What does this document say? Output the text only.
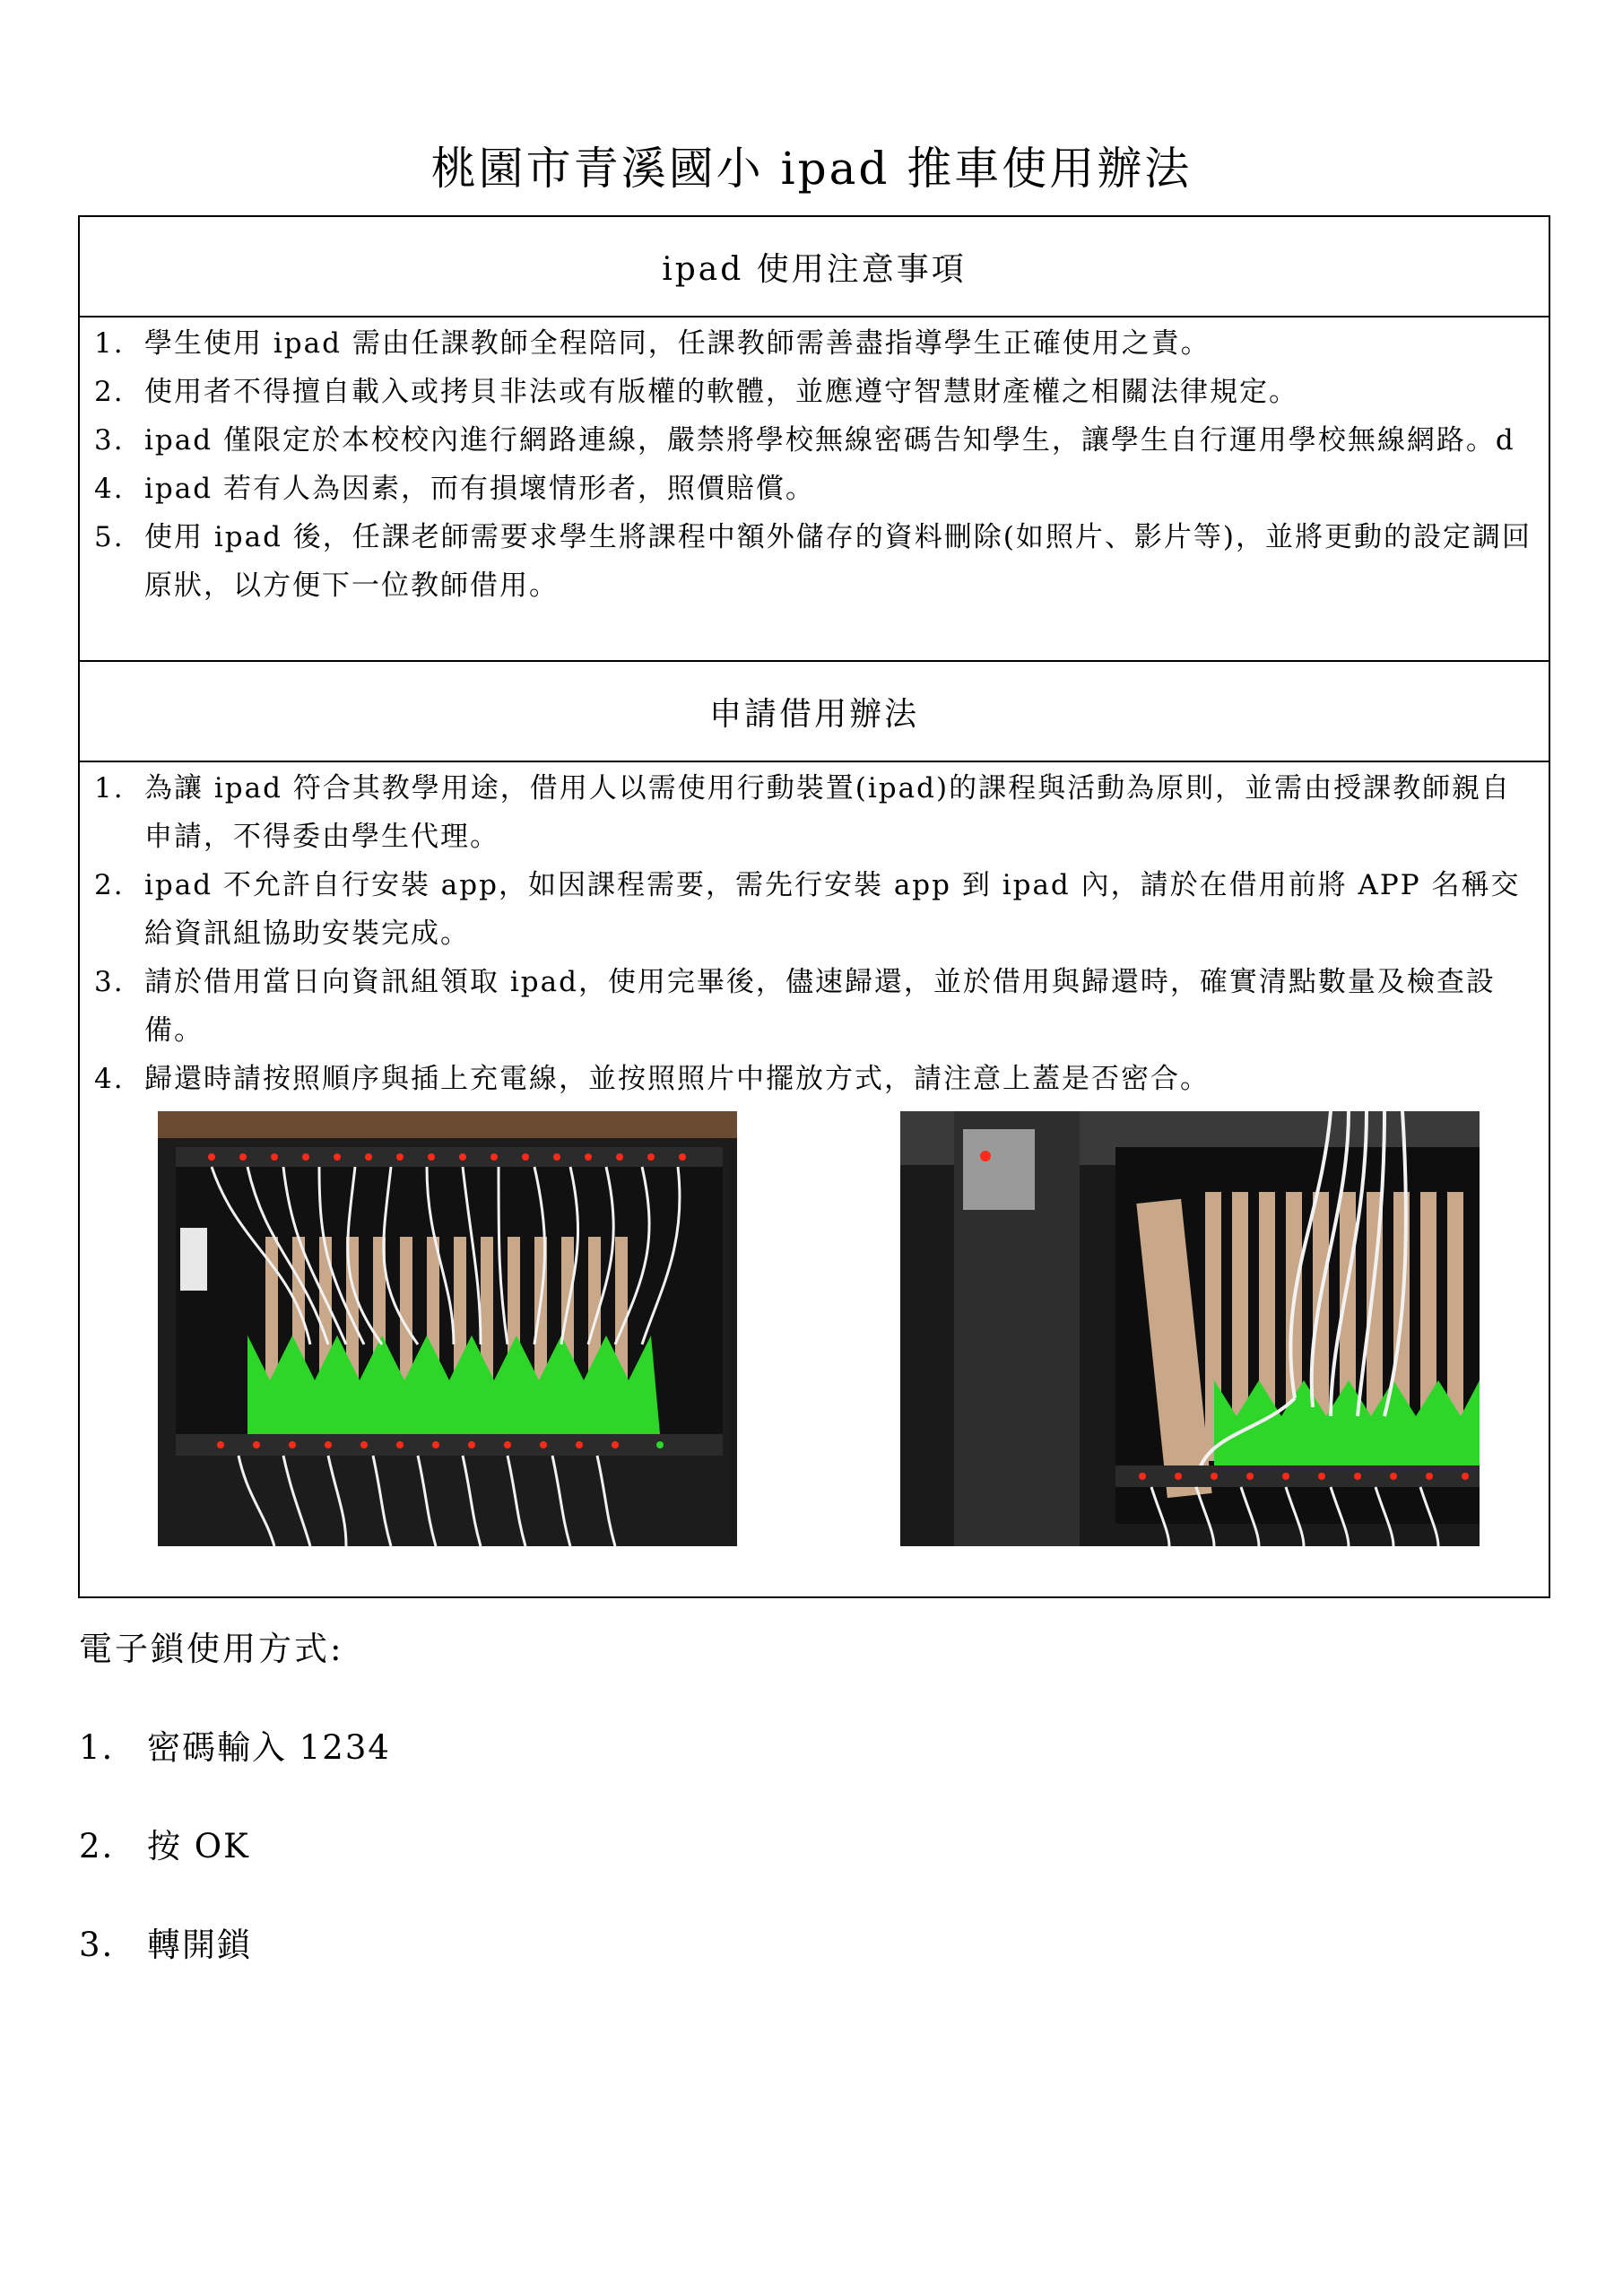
桃園市青溪國小 ipad 推車使用辦法
ipad 使用注意事項
1. 學生使用 ipad 需由任課教師全程陪同，任課教師需善盡指導學生正確使用之責。
2. 使用者不得擅自載入或拷貝非法或有版權的軟體，並應遵守智慧財產權之相關法律規定。
3. ipad 僅限定於本校校內進行網路連線，嚴禁將學校無線密碼告知學生，讓學生自行運用學校無線網路。d
4. ipad 若有人為因素，而有損壞情形者，照價賠償。
5. 使用 ipad 後，任課老師需要求學生將課程中額外儲存的資料刪除(如照片、影片等)，並將更動的設定調回原狀，以方便下一位教師借用。
申請借用辦法
1. 為讓 ipad 符合其教學用途，借用人以需使用行動裝置(ipad)的課程與活動為原則，並需由授課教師親自申請，不得委由學生代理。
2. ipad 不允許自行安裝 app，如因課程需要，需先行安裝 app 到 ipad 內，請於在借用前將 APP 名稱交給資訊組協助安裝完成。
3. 請於借用當日向資訊組領取 ipad，使用完畢後，儘速歸還，並於借用與歸還時，確實清點數量及檢查設備。
4. 歸還時請按照順序與插上充電線，並按照照片中擺放方式，請注意上蓋是否密合。
電子鎖使用方式:
1. 密碼輸入 1234
2. 按 OK
3. 轉開鎖
